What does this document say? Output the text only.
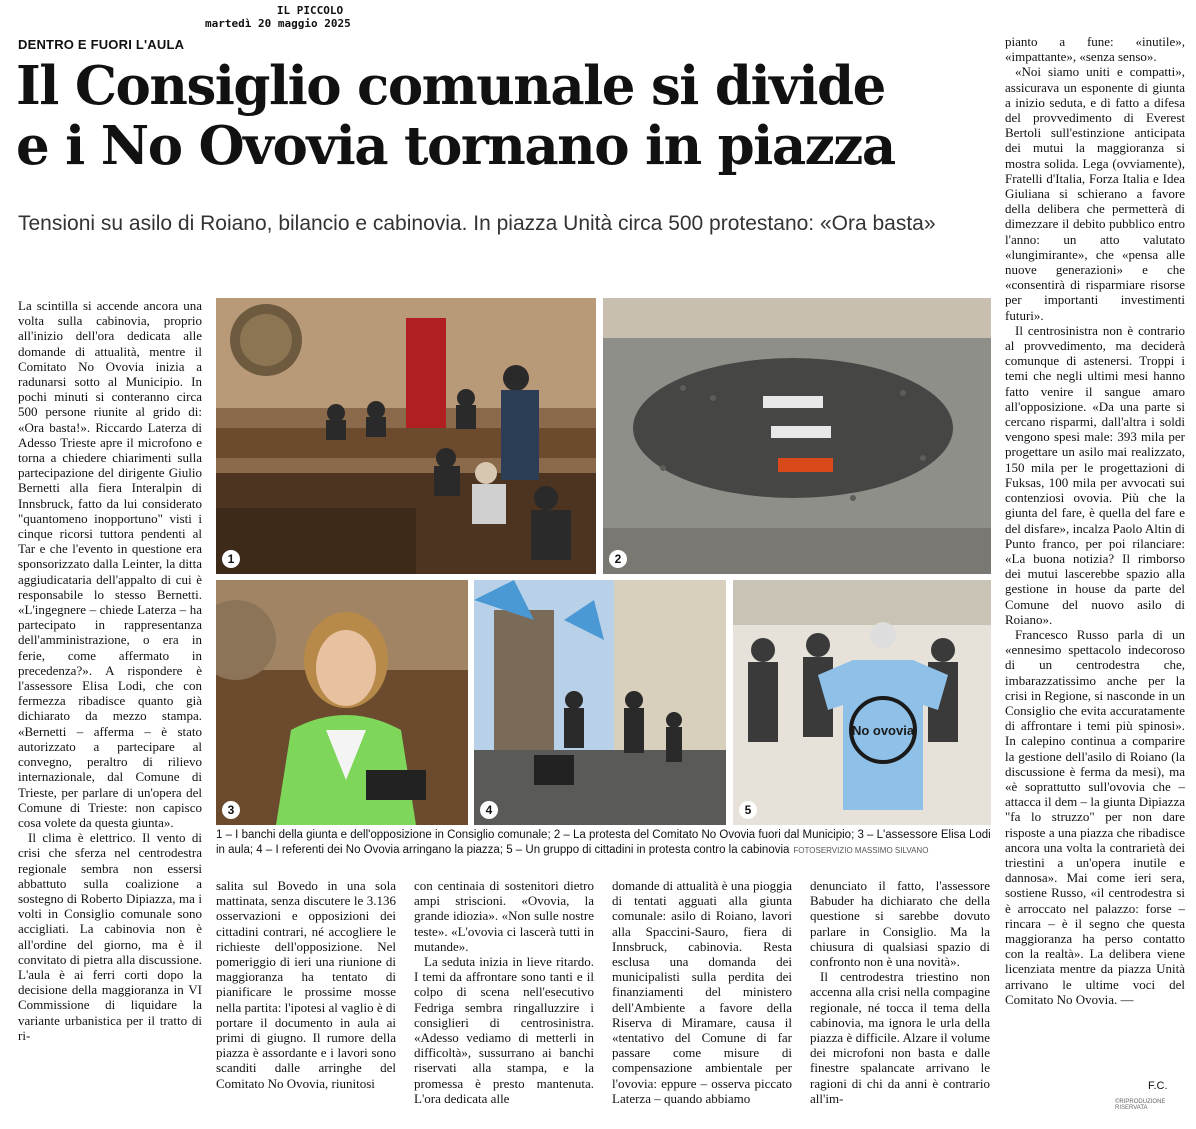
IL PICCOLO
martedì 20 maggio 2025
DENTRO E FUORI L'AULA
Il Consiglio comunale si divide
e i No Ovovia tornano in piazza
Tensioni su asilo di Roiano, bilancio e cabinovia. In piazza Unità circa 500 protestano: «Ora basta»

La scintilla si accende ancora una volta sulla cabinovia, proprio all'inizio dell'ora dedicata alle domande di attualità, mentre il Comitato No Ovovia inizia a radunarsi sotto al Municipio. In pochi minuti si conteranno circa 500 persone riunite al grido di: «Ora basta!». Riccardo Laterza di Adesso Trieste apre il microfono e torna a chiedere chiarimenti sulla partecipazione del dirigente Giulio Bernetti alla fiera Interalpin di Innsbruck, fatto da lui considerato "quantomeno inopportuno" visti i cinque ricorsi tuttora pendenti al Tar e che l'evento in questione era sponsorizzato dalla Leinter, la ditta aggiudicataria dell'appalto di cui è responsabile lo stesso Bernetti. «L'ingegnere – chiede Laterza – ha partecipato in rappresentanza dell'amministrazione, o era in ferie, come affermato in precedenza?». A rispondere è l'assessore Elisa Lodi, che con fermezza ribadisce quanto già dichiarato da mezzo stampa. «Bernetti – afferma – è stato autorizzato a partecipare al convegno, peraltro di rilievo internazionale, dal Comune di Trieste, per parlare di un'opera del Comune di Trieste: non capisco cosa volete da questa giunta».

Il clima è elettrico. Il vento di crisi che sferza nel centrodestra regionale sembra non essersi abbattuto sulla coalizione a sostegno di Roberto Dipiazza, ma i volti in Consiglio comunale sono accigliati. La cabinovia non è all'ordine del giorno, ma è il convitato di pietra alla discussione. L'aula è ai ferri corti dopo la decisione della maggioranza in VI Commissione di liquidare la variante urbanistica per il tratto di ri-

1	2
3	4
No ovovia
5
1 – I banchi della giunta e dell'opposizione in Consiglio comunale; 2 – La protesta del Comitato No Ovovia fuori dal Municipio; 3 – L'assessore Elisa Lodi in aula; 4 – I referenti dei No Ovovia arringano la piazza; 5 – Un gruppo di cittadini in protesta contro la cabinovia FOTOSERVIZIO MASSIMO SILVANO

salita sul Bovedo in una sola mattinata, senza discutere le 3.136 osservazioni e opposizioni dei cittadini contrari, né accogliere le richieste dell'opposizione. Nel pomeriggio di ieri una riunione di maggioranza ha tentato di pianificare le prossime mosse nella partita: l'ipotesi al vaglio è di portare il documento in aula ai primi di giugno. Il rumore della piazza è assordante e i lavori sono scanditi dalle arringhe del Comitato No Ovovia, riunitosi

con centinaia di sostenitori dietro ampi striscioni. «Ovovia, la grande idiozia». «Non sulle nostre teste». «L'ovovia ci lascerà tutti in mutande».

La seduta inizia in lieve ritardo. I temi da affrontare sono tanti e il colpo di scena nell'esecutivo Fedriga sembra ringalluzzire i consiglieri di centrosinistra. «Adesso vediamo di metterli in difficoltà», sussurrano ai banchi riservati alla stampa, e la promessa è presto mantenuta. L'ora dedicata alle

domande di attualità è una pioggia di tentati agguati alla giunta comunale: asilo di Roiano, lavori alla Spaccini-Sauro, fiera di Innsbruck, cabinovia. Resta esclusa una domanda dei municipalisti sulla perdita dei finanziamenti del ministero dell'Ambiente a favore della Riserva di Miramare, causa il «tentativo del Comune di far passare come misure di compensazione ambientale per l'ovovia: eppure – osserva piccato Laterza – quando abbiamo

denunciato il fatto, l'assessore Babuder ha dichiarato che della questione si sarebbe dovuto parlare in Consiglio. Ma la chiusura di qualsiasi spazio di confronto non è una novità».

Il centrodestra triestino non accenna alla crisi nella compagine regionale, né tocca il tema della cabinovia, ma ignora le urla della piazza è difficile. Alzare il volume dei microfoni non basta e dalle finestre spalancate arrivano le ragioni di chi da anni è contrario all'im-

pianto a fune: «inutile», «impattante», «senza senso».

«Noi siamo uniti e compatti», assicurava un esponente di giunta a inizio seduta, e di fatto a difesa del provvedimento di Everest Bertoli sull'estinzione anticipata dei mutui la maggioranza si mostra solida. Lega (ovviamente), Fratelli d'Italia, Forza Italia e Idea Giuliana si schierano a favore della delibera che permetterà di dimezzare il debito pubblico entro l'anno: un atto valutato «lungimirante», che «pensa alle nuove generazioni» e che «consentirà di risparmiare risorse per importanti investimenti futuri».

Il centrosinistra non è contrario al provvedimento, ma deciderà comunque di astenersi. Troppi i temi che negli ultimi mesi hanno fatto venire il sangue amaro all'opposizione. «Da una parte si cercano risparmi, dall'altra i soldi vengono spesi male: 393 mila per progettare un asilo mai realizzato, 150 mila per le progettazioni di Fuksas, 100 mila per avvocati sui contenziosi ovovia. Più che la giunta del fare, è quella del fare e del disfare», incalza Paolo Altin di Punto franco, per poi rilanciare: «La buona notizia? Il rimborso dei mutui lascerebbe spazio alla gestione in house da parte del Comune del nuovo asilo di Roiano».

Francesco Russo parla di un «ennesimo spettacolo indecoroso di un centrodestra che, imbarazzatissimo anche per la crisi in Regione, si nasconde in un Consiglio che evita accuratamente di affrontare i temi più spinosi». In calepino continua a comparire la gestione dell'asilo di Roiano (la discussione è ferma da mesi), ma «è soprattutto sull'ovovia che – attacca il dem – la giunta Dipiazza "fa lo struzzo" per non dare risposte a una piazza che ribadisce ancora una volta la contrarietà dei triestini a un'opera inutile e dannosa». Mai come ieri sera, sostiene Russo, «il centrodestra si è arroccato nel palazzo: forse – rincara – è il segno che questa maggioranza ha perso contatto con la realtà». La delibera viene licenziata mentre da piazza Unità arrivano le ultime voci del Comitato No Ovovia. —

F.C.
©RIPRODUZIONE RISERVATA
